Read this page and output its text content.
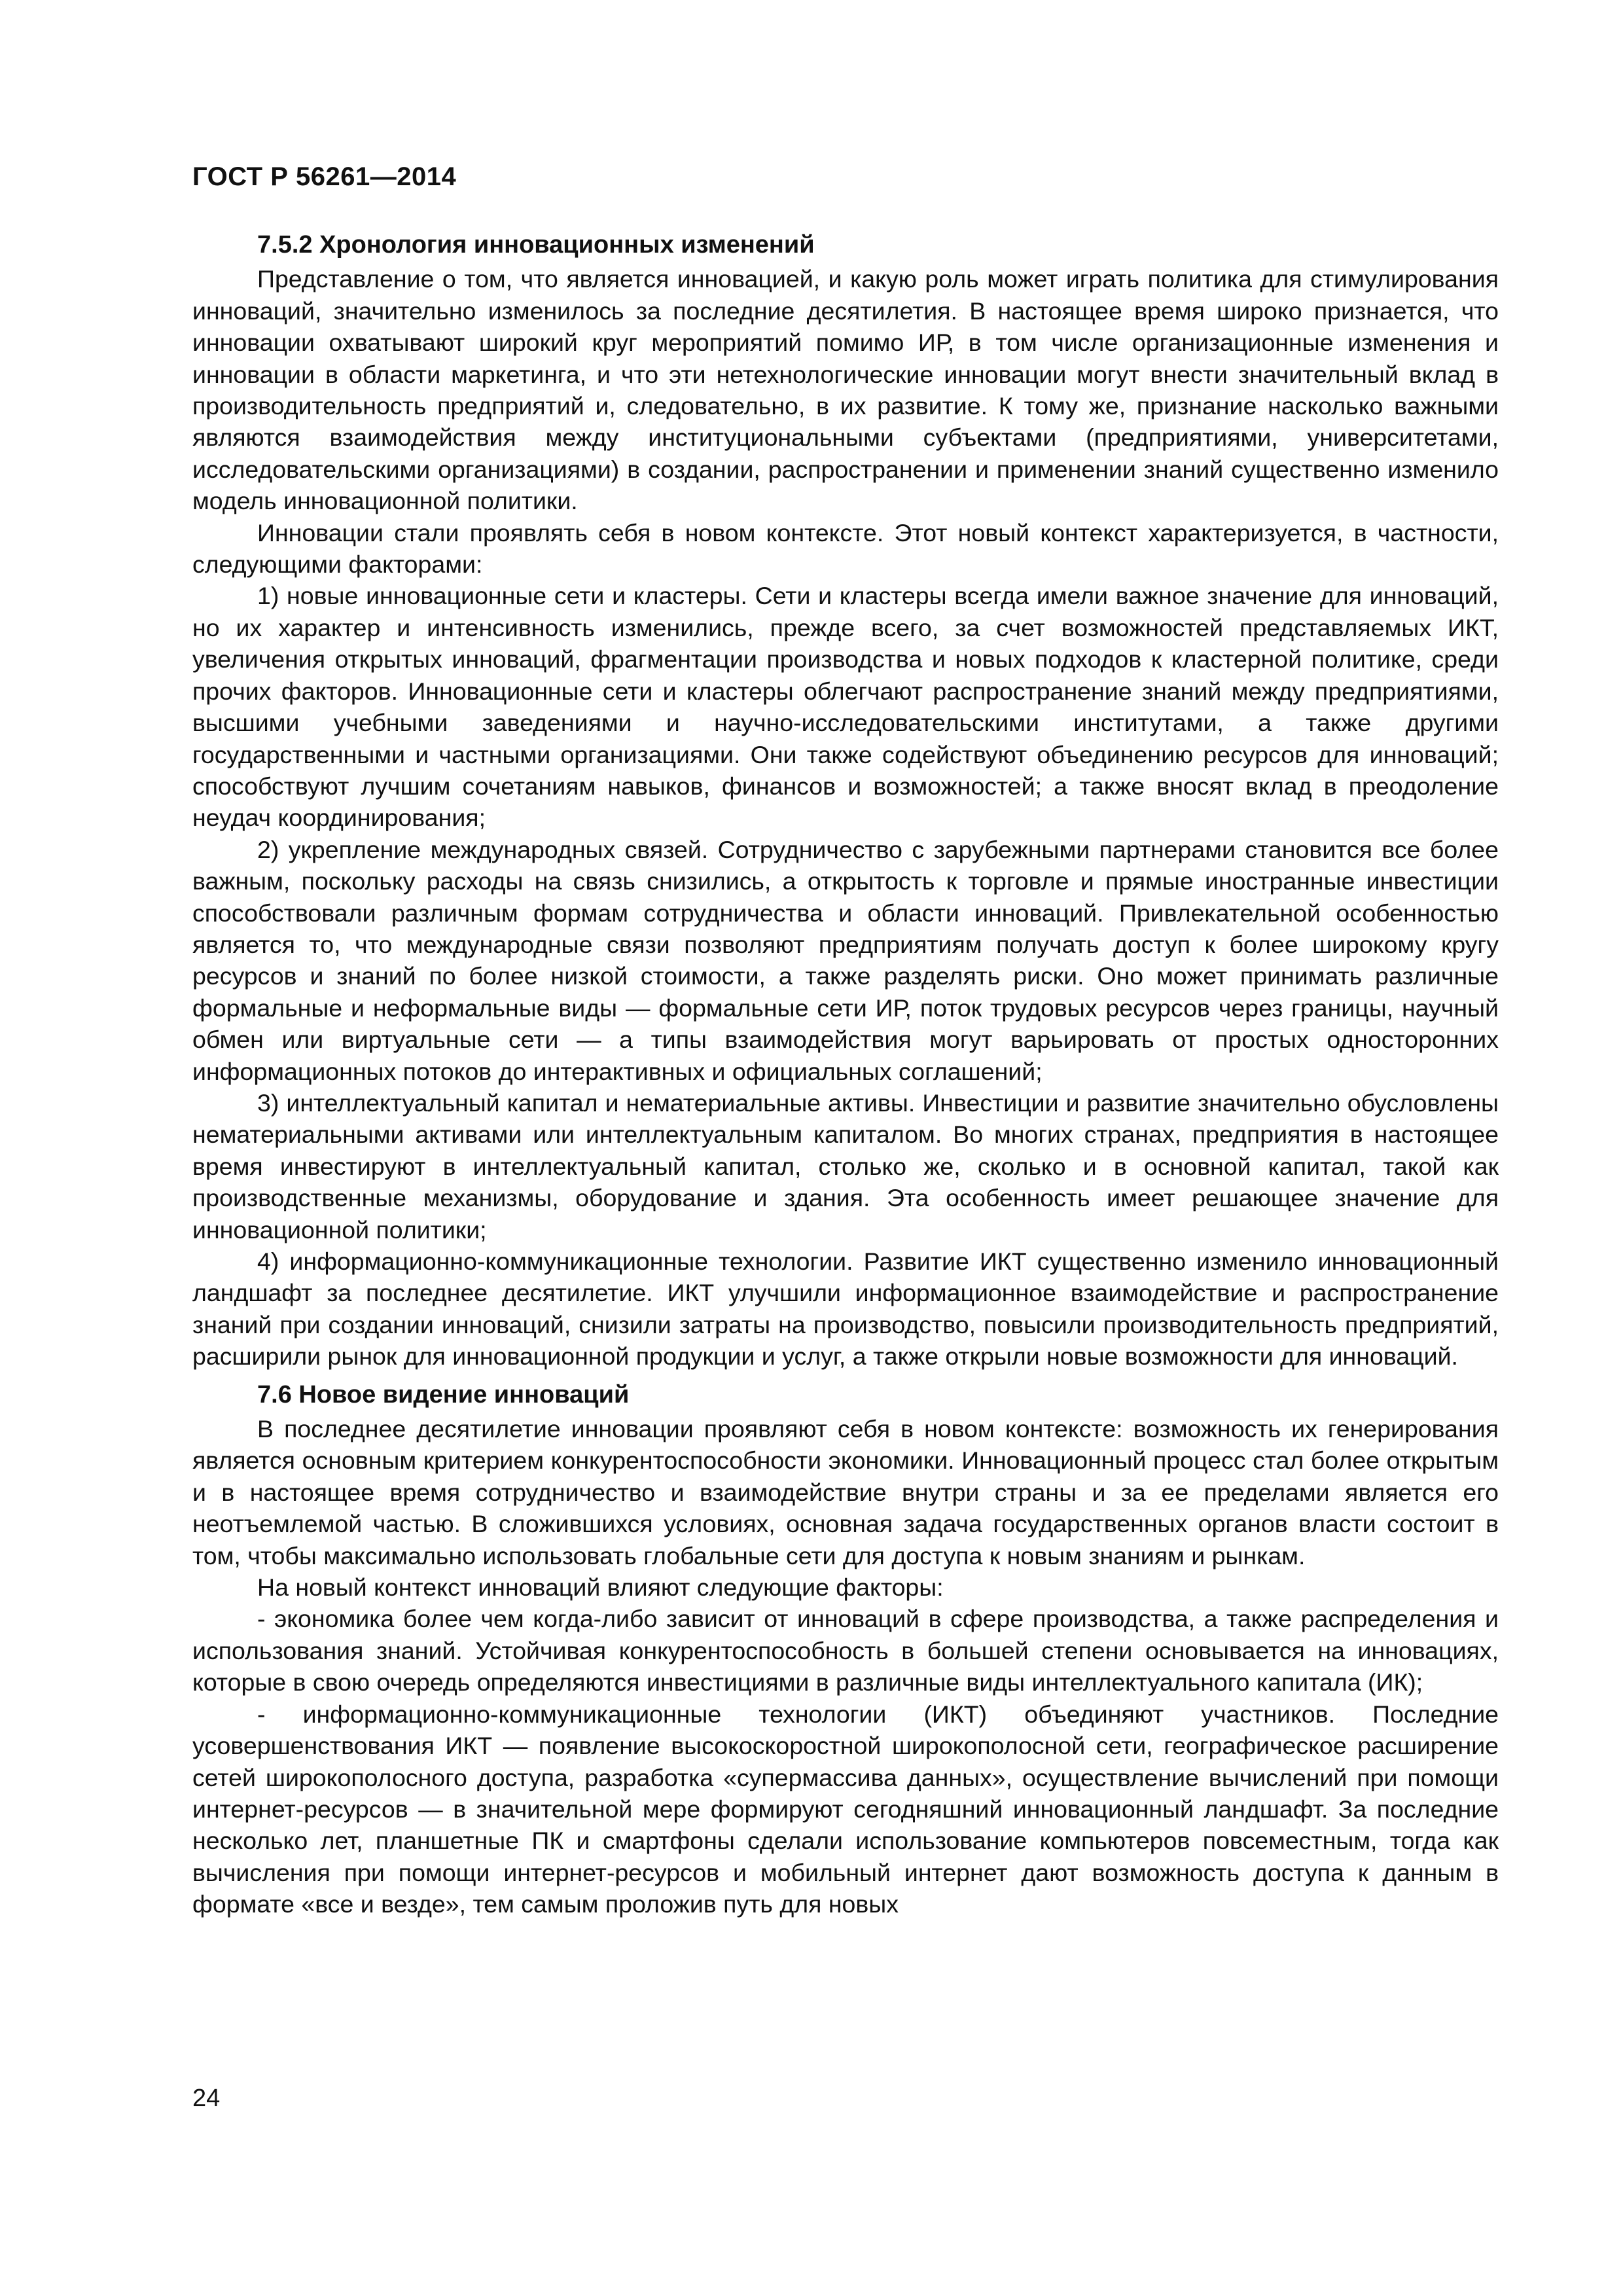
ГОСТ Р 56261—2014
7.5.2 Хронология инновационных изменений

Представление о том, что является инновацией, и какую роль может играть политика для стимулирования инноваций, значительно изменилось за последние десятилетия. В настоящее время широко признается, что инновации охватывают широкий круг мероприятий помимо ИР, в том числе организационные изменения и инновации в области маркетинга, и что эти нетехнологические инновации могут внести значительный вклад в производительность предприятий и, следовательно, в их развитие. К тому же, признание насколько важными являются взаимодействия между институциональными субъектами (предприятиями, университетами, исследовательскими организациями) в создании, распространении и применении знаний существенно изменило модель инновационной политики.

Инновации стали проявлять себя в новом контексте. Этот новый контекст характеризуется, в частности, следующими факторами:

1) новые инновационные сети и кластеры. Сети и кластеры всегда имели важное значение для инноваций, но их характер и интенсивность изменились, прежде всего, за счет возможностей представляемых ИКТ, увеличения открытых инноваций, фрагментации производства и новых подходов к кластерной политике, среди прочих факторов. Инновационные сети и кластеры облегчают распространение знаний между предприятиями, высшими учебными заведениями и научно-исследовательскими институтами, а также другими государственными и частными организациями. Они также содействуют объединению ресурсов для инноваций; способствуют лучшим сочетаниям навыков, финансов и возможностей; а также вносят вклад в преодоление неудач координирования;

2) укрепление международных связей. Сотрудничество с зарубежными партнерами становится все более важным, поскольку расходы на связь снизились, а открытость к торговле и прямые иностранные инвестиции способствовали различным формам сотрудничества и области инноваций. Привлекательной особенностью является то, что международные связи позволяют предприятиям получать доступ к более широкому кругу ресурсов и знаний по более низкой стоимости, а также разделять риски. Оно может принимать различные формальные и неформальные виды — формальные сети ИР, поток трудовых ресурсов через границы, научный обмен или виртуальные сети — а типы взаимодействия могут варьировать от простых односторонних информационных потоков до интерактивных и официальных соглашений;

3) интеллектуальный капитал и нематериальные активы. Инвестиции и развитие значительно обусловлены нематериальными активами или интеллектуальным капиталом. Во многих странах, предприятия в настоящее время инвестируют в интеллектуальный капитал, столько же, сколько и в основной капитал, такой как производственные механизмы, оборудование и здания. Эта особенность имеет решающее значение для инновационной политики;

4) информационно-коммуникационные технологии. Развитие ИКТ существенно изменило инновационный ландшафт за последнее десятилетие. ИКТ улучшили информационное взаимодействие и распространение знаний при создании инноваций, снизили затраты на производство, повысили производительность предприятий, расширили рынок для инновационной продукции и услуг, а также открыли новые возможности для инноваций.

7.6 Новое видение инноваций

В последнее десятилетие инновации проявляют себя в новом контексте: возможность их генерирования является основным критерием конкурентоспособности экономики. Инновационный процесс стал более открытым и в настоящее время сотрудничество и взаимодействие внутри страны и за ее пределами является его неотъемлемой частью. В сложившихся условиях, основная задача государственных органов власти состоит в том, чтобы максимально использовать глобальные сети для доступа к новым знаниям и рынкам.

На новый контекст инноваций влияют следующие факторы:

- экономика более чем когда-либо зависит от инноваций в сфере производства, а также распределения и использования знаний. Устойчивая конкурентоспособность в большей степени основывается на инновациях, которые в свою очередь определяются инвестициями в различные виды интеллектуального капитала (ИК);

- информационно-коммуникационные технологии (ИКТ) объединяют участников. Последние усовершенствования ИКТ — появление высокоскоростной широкополосной сети, географическое расширение сетей широкополосного доступа, разработка «супермассива данных», осуществление вычислений при помощи интернет-ресурсов — в значительной мере формируют сегодняшний инновационный ландшафт. За последние несколько лет, планшетные ПК и смартфоны сделали использование компьютеров повсеместным, тогда как вычисления при помощи интернет-ресурсов и мобильный интернет дают возможность доступа к данным в формате «все и везде», тем самым проложив путь для новых

24
